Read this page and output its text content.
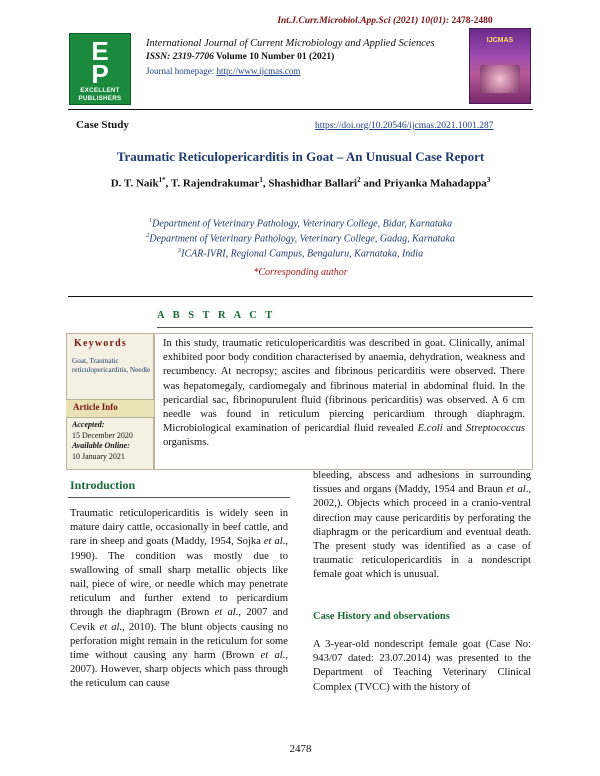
Int.J.Curr.Microbiol.App.Sci (2021) 10(01): 2478-2480
E
P
EXCELLENT
PUBLISHERS
International Journal of Current Microbiology and Applied Sciences
ISSN: 2319-7706 Volume 10 Number 01 (2021)
Journal homepage: http://www.ijcmas.com
IJCMAS
Case Study	https://doi.org/10.20546/ijcmas.2021.1001.287
Traumatic Reticulopericarditis in Goat – An Unusual Case Report
D. T. Naik$^{1*}$, T. Rajendrakumar$^1$, Shashidhar Ballari$^2$ and Priyanka Mahadappa$^3$
$^1$Department of Veterinary Pathology, Veterinary College, Bidar, Karnataka
$^2$Department of Veterinary Pathology, Veterinary College, Gadag, Karnataka
$^3$ICAR-IVRI, Regional Campus, Bengaluru, Karnataka, India
*Corresponding author
A B S T R A C T
Keywords
Goat, Traumatic reticulopericarditis, Needle
Article Info
Accepted:
15 December 2020
Available Online:
10 January 2021
In this study, traumatic reticulopericarditis was described in goat. Clinically, animal exhibited poor body condition characterised by anaemia, dehydration, weakness and recumbency. At necropsy; ascites and fibrinous pericarditis were observed. There was hepatomegaly, cardiomegaly and fibrinous material in abdominal fluid. In the pericardial sac, fibrinopurulent fluid (fibrinous pericarditis) was observed. A 6 cm needle was found in reticulum piercing pericardium through diaphragm. Microbiological examination of pericardial fluid revealed E.coli and Streptococcus organisms.
Introduction
Traumatic reticulopericarditis is widely seen in mature dairy cattle, occasionally in beef cattle, and rare in sheep and goats (Maddy, 1954, Sojka et al., 1990). The condition was mostly due to swallowing of small sharp metallic objects like nail, piece of wire, or needle which may penetrate reticulum and further extend to pericardium through the diaphragm (Brown et al., 2007 and Cevik et al., 2010). The blunt objects causing no perforation might remain in the reticulum for some time without causing any harm (Brown et al., 2007). However, sharp objects which pass through the reticulum can cause
bleeding, abscess and adhesions in surrounding tissues and organs (Maddy, 1954 and Braun et al., 2002,). Objects which proceed in a cranio-ventral direction may cause pericarditis by perforating the diaphragm or the pericardium and eventual death. The present study was identified as a case of traumatic reticulopericarditis in a nondescript female goat which is unusual.
Case History and observations
A 3-year-old nondescript female goat (Case No: 943/07 dated: 23.07.2014) was presented to the Department of Teaching Veterinary Clinical Complex (TVCC) with the history of
2478
